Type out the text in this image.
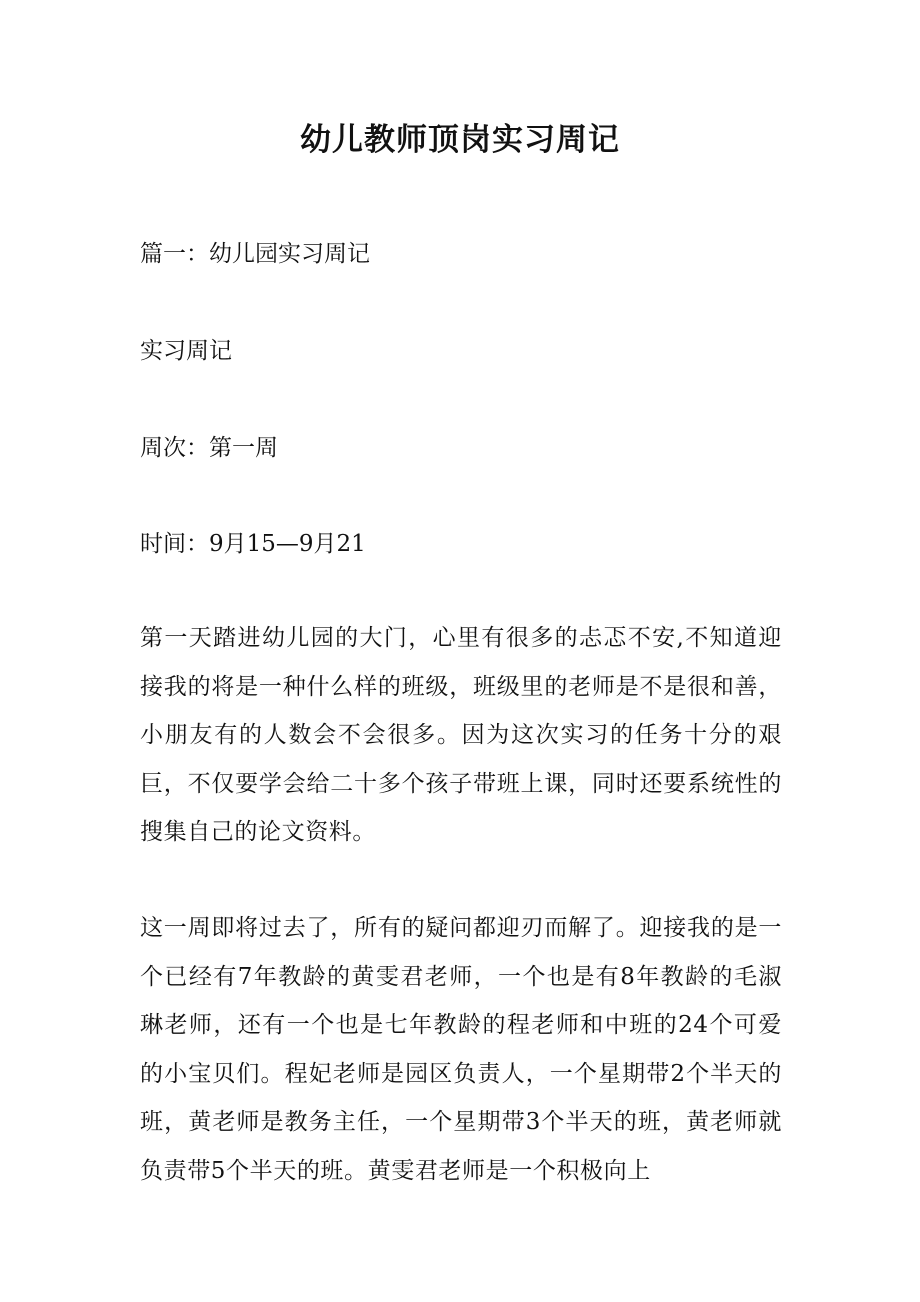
幼儿教师顶岗实习周记

篇一：幼儿园实习周记

实习周记

周次：第一周

时间：9月15—9月21

第一天踏进幼儿园的大门，心里有很多的忐忑不安,不知道迎接我的将是一种什么样的班级，班级里的老师是不是很和善，小朋友有的人数会不会很多。因为这次实习的任务十分的艰巨，不仅要学会给二十多个孩子带班上课，同时还要系统性的搜集自己的论文资料。

这一周即将过去了，所有的疑问都迎刃而解了。迎接我的是一个已经有7年教龄的黄雯君老师，一个也是有8年教龄的毛淑琳老师，还有一个也是七年教龄的程老师和中班的24个可爱的小宝贝们。程妃老师是园区负责人，一个星期带2个半天的班，黄老师是教务主任，一个星期带3个半天的班，黄老师就负责带5个半天的班。黄雯君老师是一个积极向上
